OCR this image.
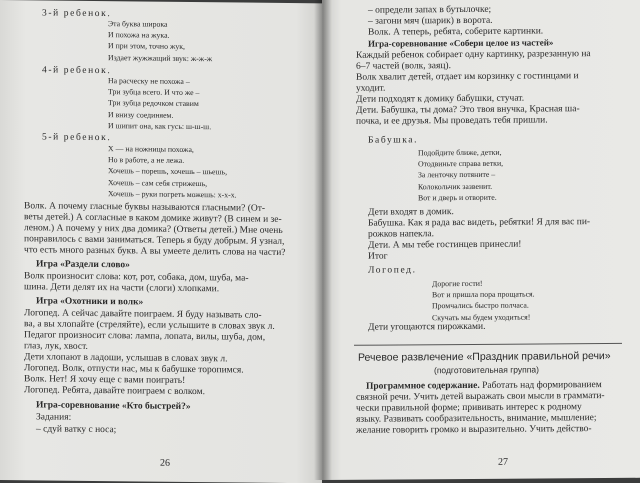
3-й ребенок.
Эта буква широка
И похожа на жука.
И при этом, точно жук,
Издает жужжащий звук: ж-ж-ж
4-й ребенок.
На расческу не похожа –
Три зубца всего. И что же –
Три зубца редочком ставим
И внизу соединяем.
И шипит она, как гусь: ш-ш-ш.
5-й ребенок.
Х — на ножницы похожа,
Но в работе, а не лежа.
Хочешь – порешь, хочешь – шьешь,
Хочешь – сам себя стрижешь,
Хочешь – руки погреть можешь: х-х-х.
Волк. А почему гласные буквы называются гласными? (От-
веты детей.) А согласные в каком домике живут? (В синем и зе-
леном.) А почему у них два домика? (Ответы детей.) Мне очень
понравилось с вами заниматься. Теперь я буду добрым. Я узнал,
что есть много разных букв. А вы умеете делить слова на части?
Игра «Раздели слово»
Волк произносит слова: кот, рот, собака, дом, шуба, ма-
шина. Дети делят их на части (слоги) хлопками.
Игра «Охотники и волк»
Логопед. А сейчас давайте поиграем. Я буду называть сло-
ва, а вы хлопайте (стреляйте), если услышите в словах звук л.
Педагог произносит слова: лампа, лопата, вилы, шуба, дом,
глаз, лук, хвост.
Дети хлопают в ладоши, услышав в словах звук л.
Логопед. Волк, отпусти нас, мы к бабушке торопимся.
Волк. Нет! Я хочу еще с вами поиграть!
Логопед. Ребята, давайте поиграем с волком.
Игра-соревнование «Кто быстрей?»
Задания:
– сдуй ватку с носа;
26
– определи запах в бутылочке;
– загони мяч (шарик) в ворота.
Волк. А теперь, ребята, соберите картинки.
Игра-соревнование «Собери целое из частей»
Каждый ребенок собирает одну картинку, разрезанную на
6–7 частей (волк, заяц).
Волк хвалит детей, отдает им корзинку с гостинцами и
уходит.
Дети подходят к домику бабушки, стучат.
Дети. Бабушка, ты дома? Это твоя внучка, Красная ша-
почка, и ее друзья. Мы проведать тебя пришли.
Бабушка.
Подойдите ближе, детки,
Отодвиньте справа ветки,
За ленточку потяните –
Колокольчик зазвенит.
Вот и дверь и отворите.
Дети входят в домик.
Бабушка. Как я рада вас видеть, ребятки! Я для вас пи-
рожков напекла.
Дети. А мы тебе гостинцев принесли!
Итог
Логопед.
Дорогие гости!
Вот и пришла пора прощаться.
Промчались быстро полчаса.
Скучать мы будем уходиться!
Дети угощаются пирожками.
Речевое развлечение «Праздник правильной речи»
(подготовительная группа)
Программное содержание. Работать над формированием
связной речи. Учить детей выражать свои мысли в граммати-
чески правильной форме; прививать интерес к родному
языку. Развивать сообразительность, внимание, мышление;
желание говорить громко и выразительно. Учить действо-
27
